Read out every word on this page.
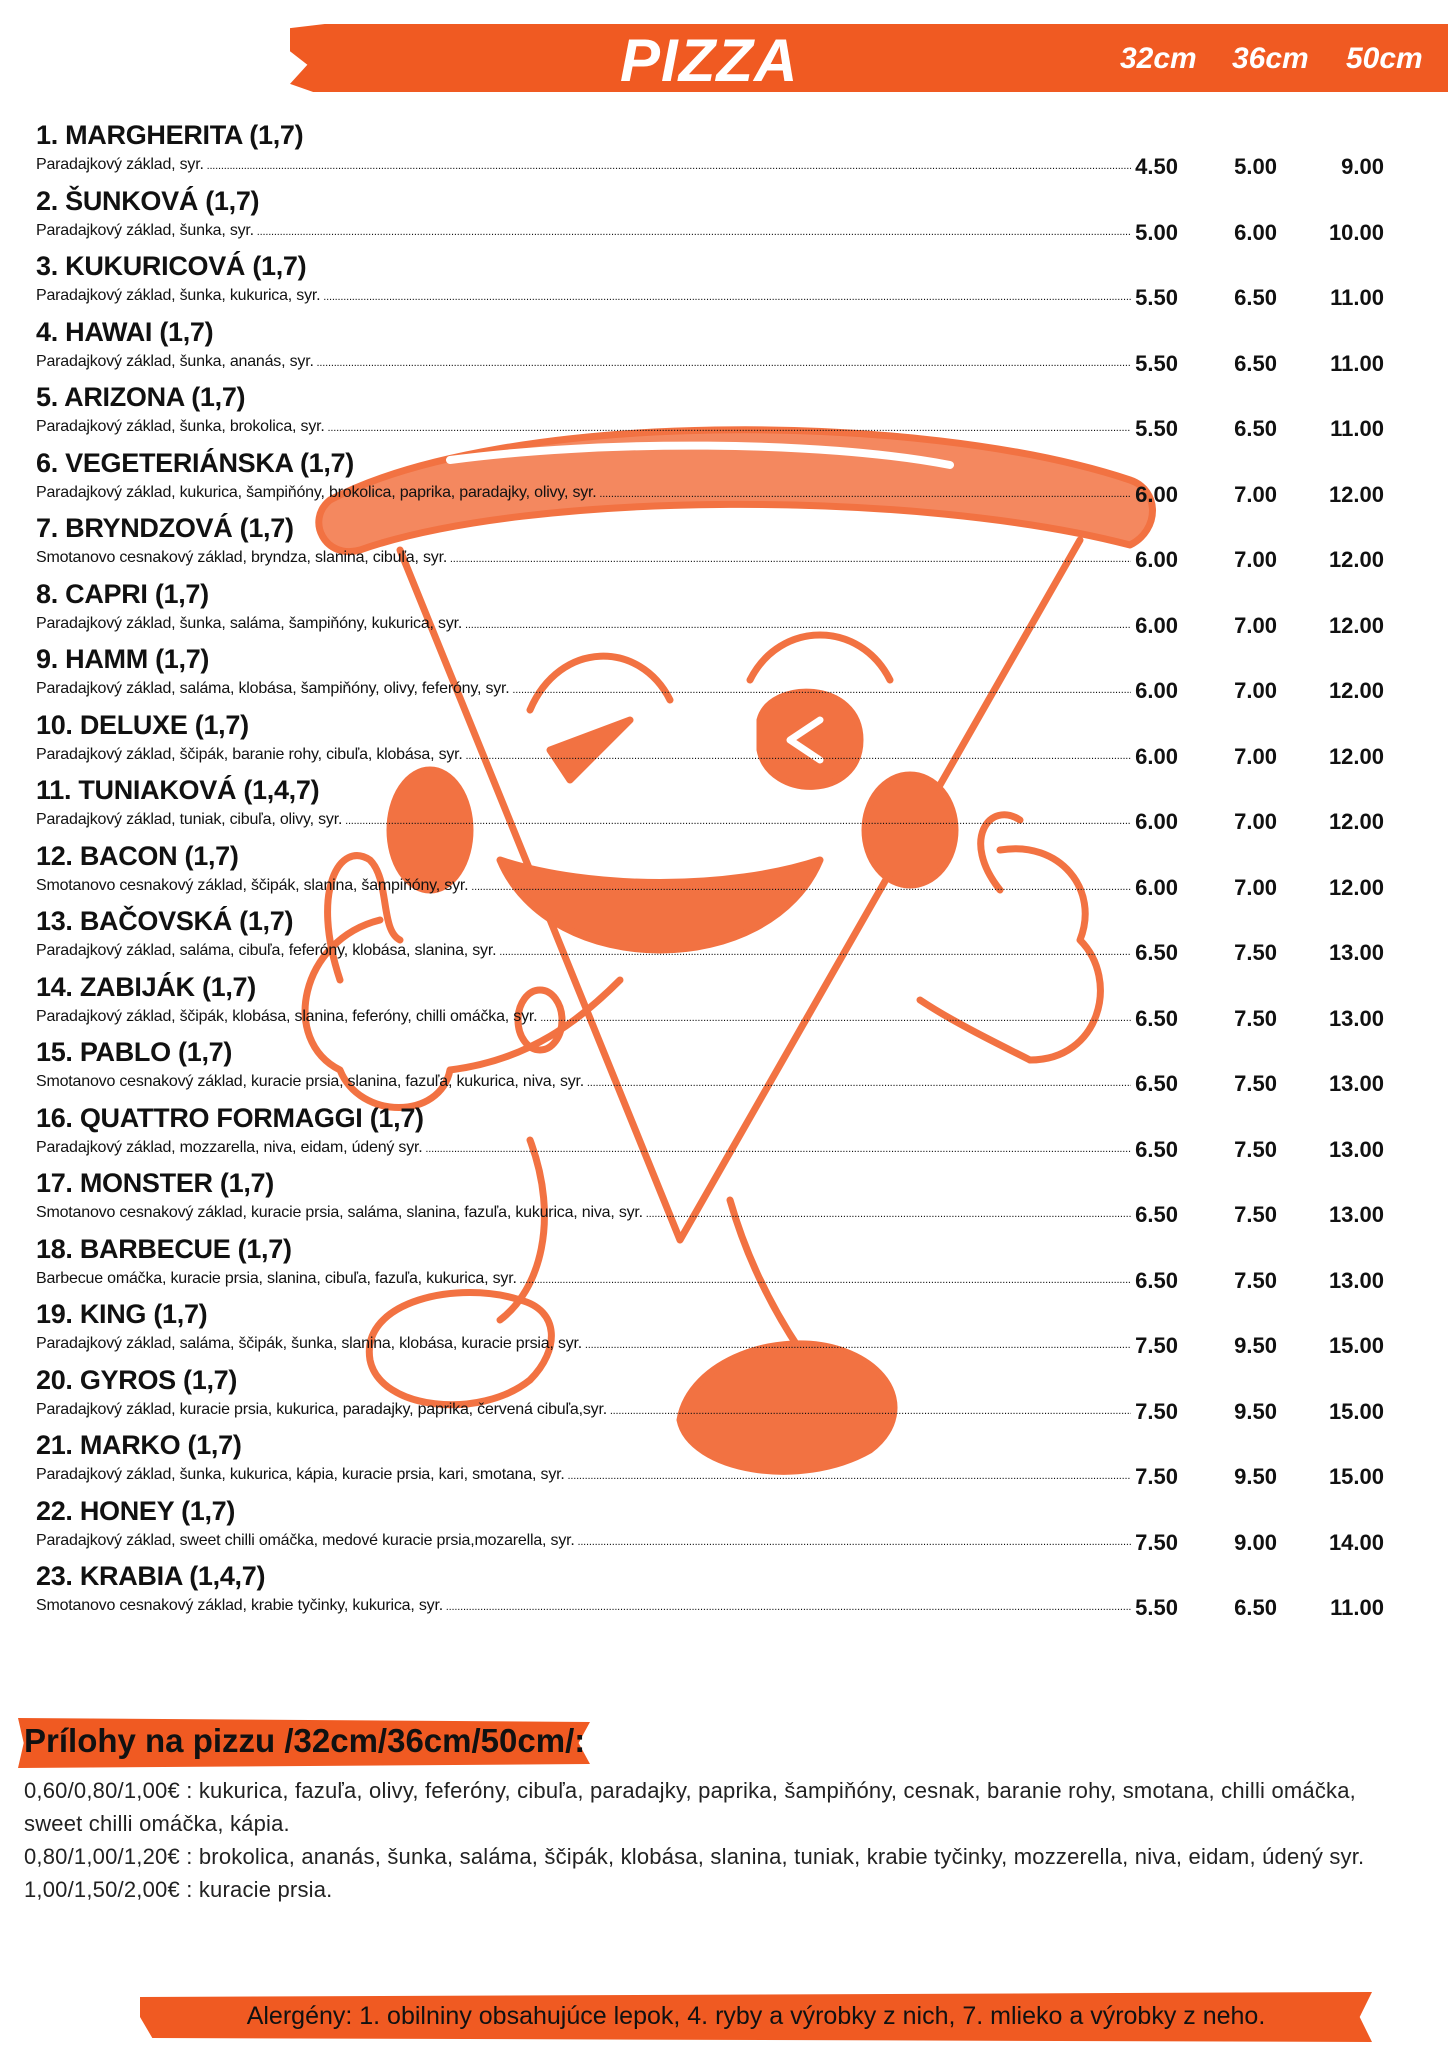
PIZZA	32cm 36cm 50cm
1. MARGHERITA (1,7)
Paradajkový základ, syr. .....	4.50	5.00	9.00
2. ŠUNKOVÁ (1,7)
Paradajkový základ, šunka, syr. .....	5.00	6.00	10.00
3. KUKURICOVÁ (1,7)
Paradajkový základ, šunka, kukurica, syr. .....	5.50	6.50	11.00
4. HAWAI (1,7)
Paradajkový základ, šunka, ananás, syr. .....	5.50	6.50	11.00
5. ARIZONA (1,7)
Paradajkový základ, šunka, brokolica, syr. .....	5.50	6.50	11.00
6. VEGETERIÁNSKA (1,7)
Paradajkový základ, kukurica, šampiňóny, brokolica, paprika, paradajky, olivy, syr. .....	6.00	7.00	12.00
7. BRYNDZOVÁ (1,7)
Smotanovo cesnakový základ, bryndza, slanina, cibuľa, syr. .....	6.00	7.00	12.00
8. CAPRI (1,7)
Paradajkový základ, šunka, saláma, šampiňóny, kukurica, syr. .....	6.00	7.00	12.00
9. HAMM (1,7)
Paradajkový základ, saláma, klobása, šampiňóny, olivy, feferóny, syr. .....	6.00	7.00	12.00
10. DELUXE (1,7)
Paradajkový základ, ščipák, baranie rohy, cibuľa, klobása, syr. .....	6.00	7.00	12.00
11. TUNIAKOVÁ (1,4,7)
Paradajkový základ, tuniak, cibuľa, olivy, syr. .....	6.00	7.00	12.00
12. BACON (1,7)
Smotanovo cesnakový základ, ščipák, slanina, šampiňóny, syr. .....	6.00	7.00	12.00
13. BAČOVSKÁ (1,7)
Paradajkový základ, saláma, cibuľa, feferóny, klobása, slanina, syr. .....	6.50	7.50	13.00
14. ZABIJÁK (1,7)
Paradajkový základ, ščipák, klobása, slanina, feferóny, chilli omáčka, syr. .....	6.50	7.50	13.00
15. PABLO (1,7)
Smotanovo cesnakový základ, kuracie prsia, slanina, fazuľa, kukurica, niva, syr. .....	6.50	7.50	13.00
16. QUATTRO FORMAGGI (1,7)
Paradajkový základ, mozzarella, niva, eidam, údený syr. .....	6.50	7.50	13.00
17. MONSTER (1,7)
Smotanovo cesnakový základ, kuracie prsia, saláma, slanina, fazuľa, kukurica, niva, syr. .....	6.50	7.50	13.00
18. BARBECUE (1,7)
Barbecue omáčka, kuracie prsia, slanina, cibuľa, fazuľa, kukurica, syr. .....	6.50	7.50	13.00
19. KING (1,7)
Paradajkový základ, saláma, ščipák, šunka, slanina, klobása, kuracie prsia, syr. .....	7.50	9.50	15.00
20. GYROS (1,7)
Paradajkový základ, kuracie prsia, kukurica, paradajky, paprika, červená cibuľa,syr. .....	7.50	9.50	15.00
21. MARKO (1,7)
Paradajkový základ, šunka, kukurica, kápia, kuracie prsia, kari, smotana, syr. .....	7.50	9.50	15.00
22. HONEY (1,7)
Paradajkový základ, sweet chilli omáčka, medové kuracie prsia,mozarella, syr. .....	7.50	9.00	14.00
23. KRABIA (1,4,7)
Smotanovo cesnakový základ, krabie tyčinky, kukurica, syr. .....	5.50	6.50	11.00
Prílohy na pizzu /32cm/36cm/50cm/:
0,60/0,80/1,00€ : kukurica, fazuľa, olivy, feferóny, cibuľa, paradajky, paprika, šampiňóny, cesnak, baranie rohy, smotana, chilli omáčka,
sweet chilli omáčka, kápia.
0,80/1,00/1,20€ : brokolica, ananás, šunka, saláma, ščipák, klobása, slanina, tuniak, krabie tyčinky, mozzerella, niva, eidam, údený syr.
1,00/1,50/2,00€ : kuracie prsia.
Alergény: 1. obilniny obsahujúce lepok, 4. ryby a výrobky z nich, 7. mlieko a výrobky z neho.
